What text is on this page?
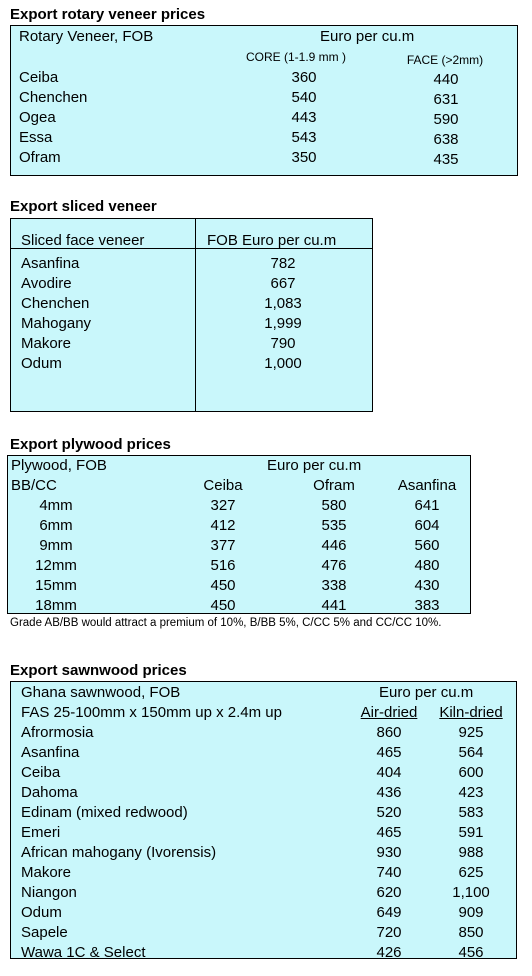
Export rotary veneer prices
Rotary Veneer, FOB	Euro per cu.m
CORE (1-1.9 mm )	FACE (>2mm)
Ceiba	360	440
Chenchen	540	631
Ogea	443	590
Essa	543	638
Ofram	350	435
Export sliced veneer
Sliced face veneer	FOB Euro per cu.m
Asanfina	782
Avodire	667
Chenchen	1,083
Mahogany	1,999
Makore	790
Odum	1,000
Export plywood prices
Plywood, FOB	Euro per cu.m
BB/CC	Ceiba	Ofram	Asanfina
4mm	327	580	641
6mm	412	535	604
9mm	377	446	560
12mm	516	476	480
15mm	450	338	430
18mm	450	441	383
Grade AB/BB would attract a premium of 10%, B/BB 5%, C/CC 5% and CC/CC 10%.
Export sawnwood prices
Ghana sawnwood, FOB	Euro per cu.m
FAS 25-100mm x 150mm up x 2.4m up	Air-dried Kiln-dried
Afrormosia	860	925
Asanfina	465	564
Ceiba	404	600
Dahoma	436	423
Edinam (mixed redwood)	520	583
Emeri	465	591
African mahogany (Ivorensis)	930	988
Makore	740	625
Niangon	620	1,100
Odum	649	909
Sapele	720	850
Wawa 1C & Select	426	456
